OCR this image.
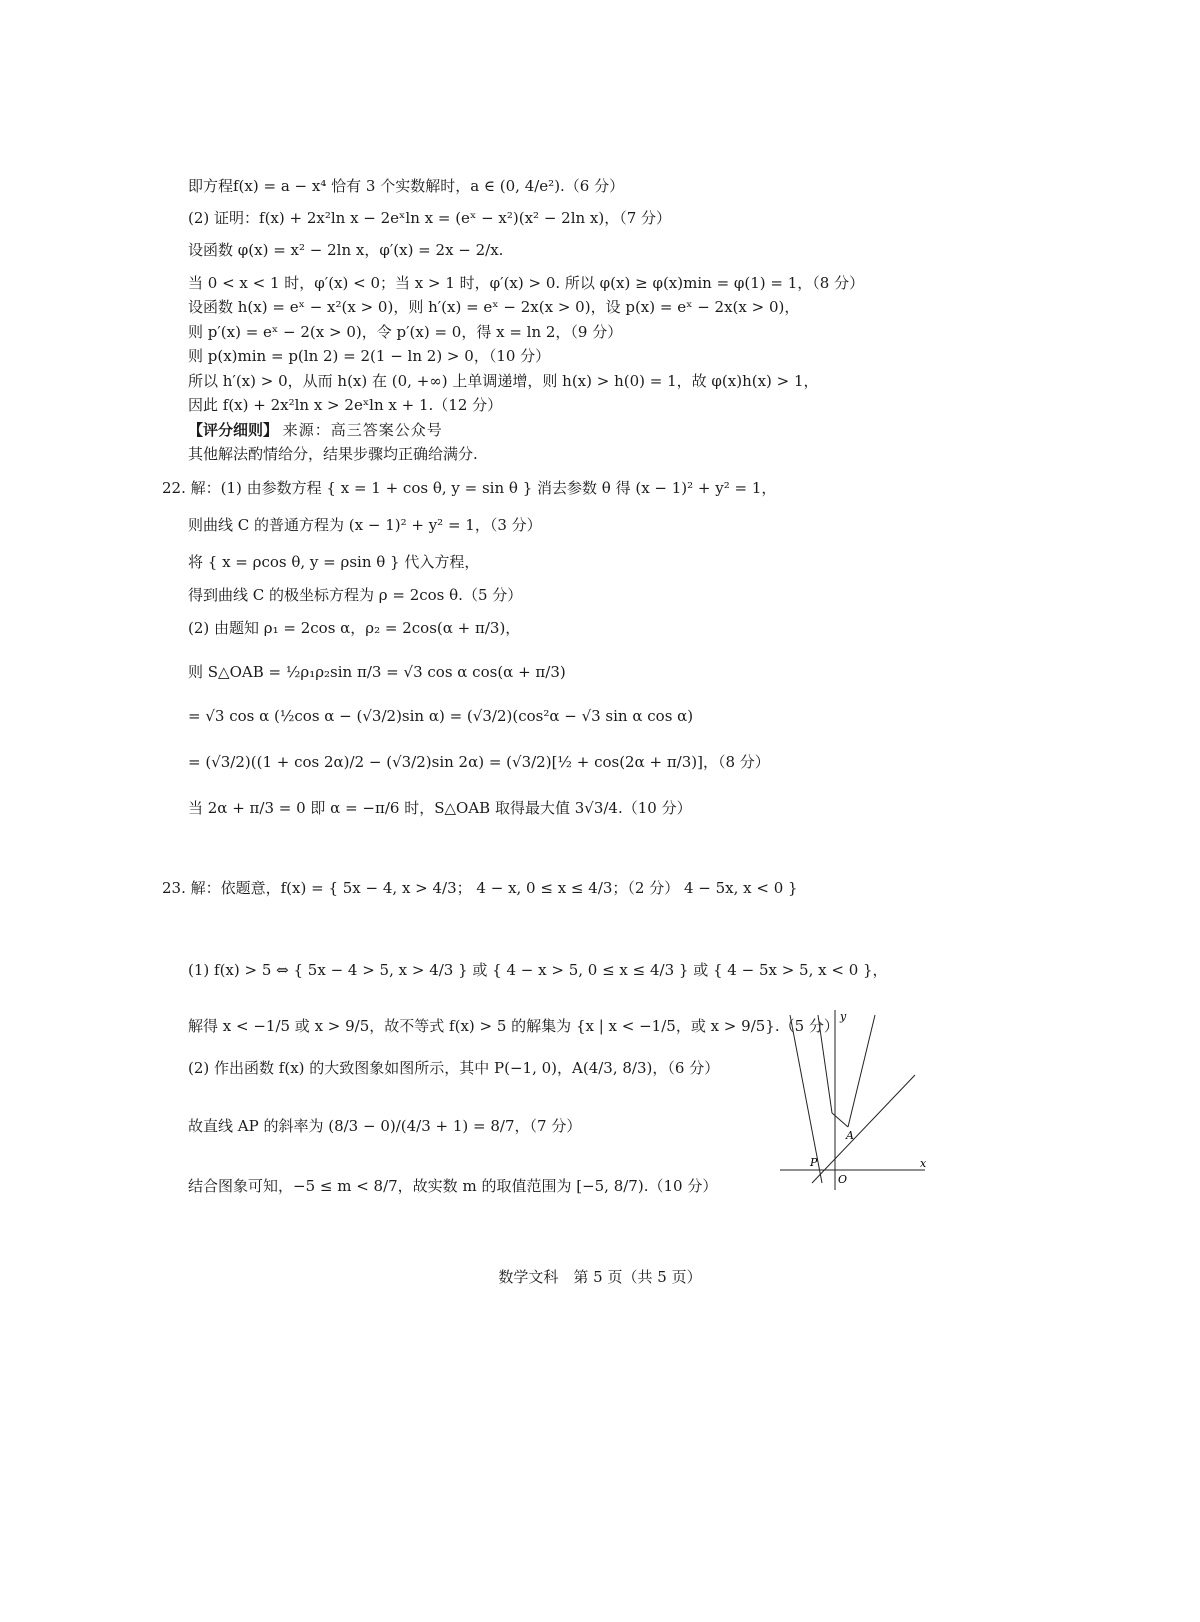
即方程f(x) = a − x⁴ 恰有 3 个实数解时，a ∈ (0, 4/e²).（6 分）
(2) 证明：f(x) + 2x²ln x − 2eˣln x = (eˣ − x²)(x² − 2ln x)，（7 分）
设函数 φ(x) = x² − 2ln x，φ′(x) = 2x − 2/x.
当 0 < x < 1 时，φ′(x) < 0；当 x > 1 时，φ′(x) > 0. 所以 φ(x) ≥ φ(x)min = φ(1) = 1，（8 分）
设函数 h(x) = eˣ − x²(x > 0)，则 h′(x) = eˣ − 2x(x > 0)，设 p(x) = eˣ − 2x(x > 0)，
则 p′(x) = eˣ − 2(x > 0)，令 p′(x) = 0，得 x = ln 2，（9 分）
则 p(x)min = p(ln 2) = 2(1 − ln 2) > 0，（10 分）
所以 h′(x) > 0，从而 h(x) 在 (0, +∞) 上单调递增，则 h(x) > h(0) = 1，故 φ(x)h(x) > 1，
因此 f(x) + 2x²ln x > 2eˣln x + 1.（12 分）
【评分细则】 来源：高三答案公众号
其他解法酌情给分，结果步骤均正确给满分.
22. 解：(1) 由参数方程 { x = 1 + cos θ, y = sin θ } 消去参数 θ 得 (x − 1)² + y² = 1，
则曲线 C 的普通方程为 (x − 1)² + y² = 1，（3 分）
将 { x = ρcos θ, y = ρsin θ } 代入方程，
得到曲线 C 的极坐标方程为 ρ = 2cos θ.（5 分）
(2) 由题知 ρ₁ = 2cos α，ρ₂ = 2cos(α + π/3)，
则 S△OAB = ½ρ₁ρ₂sin π/3 = √3 cos α cos(α + π/3)
= √3 cos α (½cos α − (√3/2)sin α) = (√3/2)(cos²α − √3 sin α cos α)
= (√3/2)((1 + cos 2α)/2 − (√3/2)sin 2α) = (√3/2)[½ + cos(2α + π/3)]，（8 分）
当 2α + π/3 = 0 即 α = −π/6 时，S△OAB 取得最大值 3√3/4.（10 分）
23. 解：依题意，f(x) = { 5x − 4, x > 4/3； 4 − x, 0 ≤ x ≤ 4/3；（2 分） 4 − 5x, x < 0 }
(1) f(x) > 5 ⇔ { 5x − 4 > 5, x > 4/3 } 或 { 4 − x > 5, 0 ≤ x ≤ 4/3 } 或 { 4 − 5x > 5, x < 0 }，
解得 x < −1/5 或 x > 9/5，故不等式 f(x) > 5 的解集为 {x | x < −1/5，或 x > 9/5}.（5 分）
(2) 作出函数 f(x) 的大致图象如图所示，其中 P(−1, 0)，A(4/3, 8/3)，（6 分）
故直线 AP 的斜率为 (8/3 − 0)/(4/3 + 1) = 8/7，（7 分）
结合图象可知，−5 ≤ m < 8/7，故实数 m 的取值范围为 [−5, 8/7).（10 分）
x
y
O
P
A
数学文科　第 5 页（共 5 页）
